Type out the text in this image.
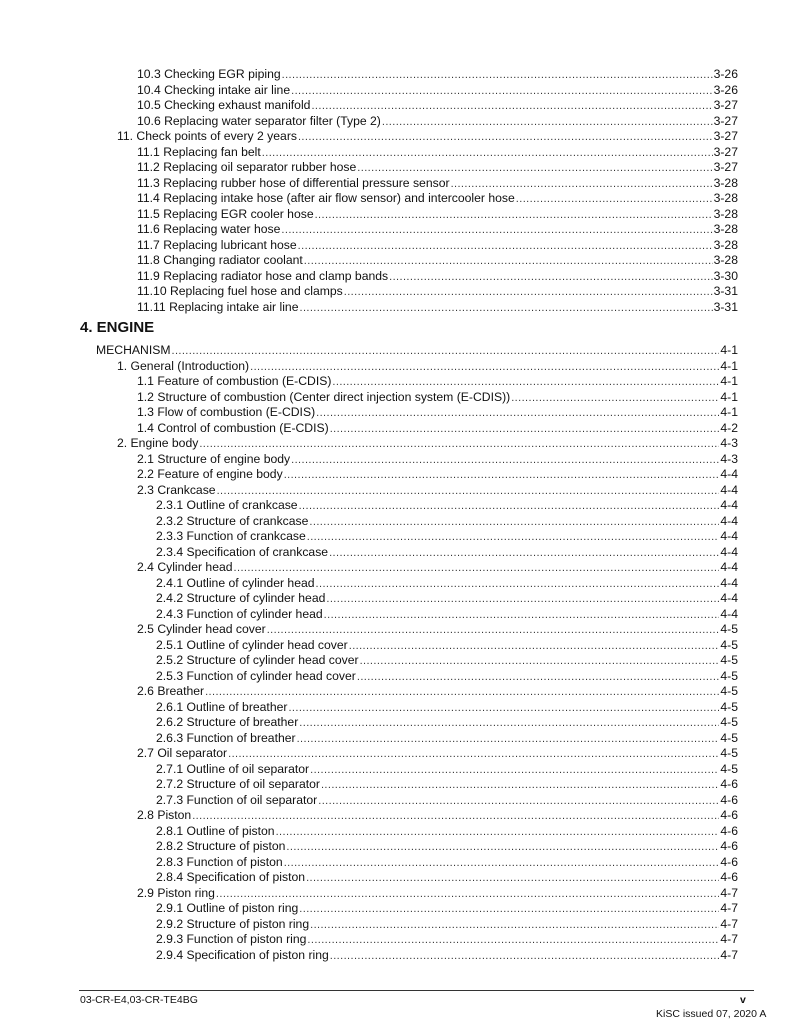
10.3 Checking EGR piping .....	3-26
10.4 Checking intake air line .....	3-26
10.5 Checking exhaust manifold .....	3-27
10.6 Replacing water separator filter (Type 2) .....	3-27
11. Check points of every 2 years .....	3-27
11.1 Replacing fan belt .....	3-27
11.2 Replacing oil separator rubber hose .....	3-27
11.3 Replacing rubber hose of differential pressure sensor .....	3-28
11.4 Replacing intake hose (after air flow sensor) and intercooler hose .....	3-28
11.5 Replacing EGR cooler hose .....	3-28
11.6 Replacing water hose .....	3-28
11.7 Replacing lubricant hose .....	3-28
11.8 Changing radiator coolant .....	3-28
11.9 Replacing radiator hose and clamp bands .....	3-30
11.10 Replacing fuel hose and clamps .....	3-31
11.11 Replacing intake air line .....	3-31
4. ENGINE
MECHANISM .....	4-1
1. General (Introduction) .....	4-1
1.1 Feature of combustion (E-CDIS) .....	4-1
1.2 Structure of combustion (Center direct injection system (E-CDIS)) .....	4-1
1.3 Flow of combustion (E-CDIS) .....	4-1
1.4 Control of combustion (E-CDIS) .....	4-2
2. Engine body .....	4-3
2.1 Structure of engine body .....	4-3
2.2 Feature of engine body .....	4-4
2.3 Crankcase .....	4-4
2.3.1 Outline of crankcase .....	4-4
2.3.2 Structure of crankcase .....	4-4
2.3.3 Function of crankcase .....	4-4
2.3.4 Specification of crankcase .....	4-4
2.4 Cylinder head .....	4-4
2.4.1 Outline of cylinder head .....	4-4
2.4.2 Structure of cylinder head .....	4-4
2.4.3 Function of cylinder head .....	4-4
2.5 Cylinder head cover .....	4-5
2.5.1 Outline of cylinder head cover .....	4-5
2.5.2 Structure of cylinder head cover .....	4-5
2.5.3 Function of cylinder head cover .....	4-5
2.6 Breather .....	4-5
2.6.1 Outline of breather .....	4-5
2.6.2 Structure of breather .....	4-5
2.6.3 Function of breather .....	4-5
2.7 Oil separator .....	4-5
2.7.1 Outline of oil separator .....	4-5
2.7.2 Structure of oil separator .....	4-6
2.7.3 Function of oil separator .....	4-6
2.8 Piston .....	4-6
2.8.1 Outline of piston .....	4-6
2.8.2 Structure of piston .....	4-6
2.8.3 Function of piston .....	4-6
2.8.4 Specification of piston .....	4-6
2.9 Piston ring .....	4-7
2.9.1 Outline of piston ring .....	4-7
2.9.2 Structure of piston ring .....	4-7
2.9.3 Function of piston ring .....	4-7
2.9.4 Specification of piston ring .....	4-7
03-CR-E4,03-CR-TE4BG	v
KiSC issued 07, 2020 A
